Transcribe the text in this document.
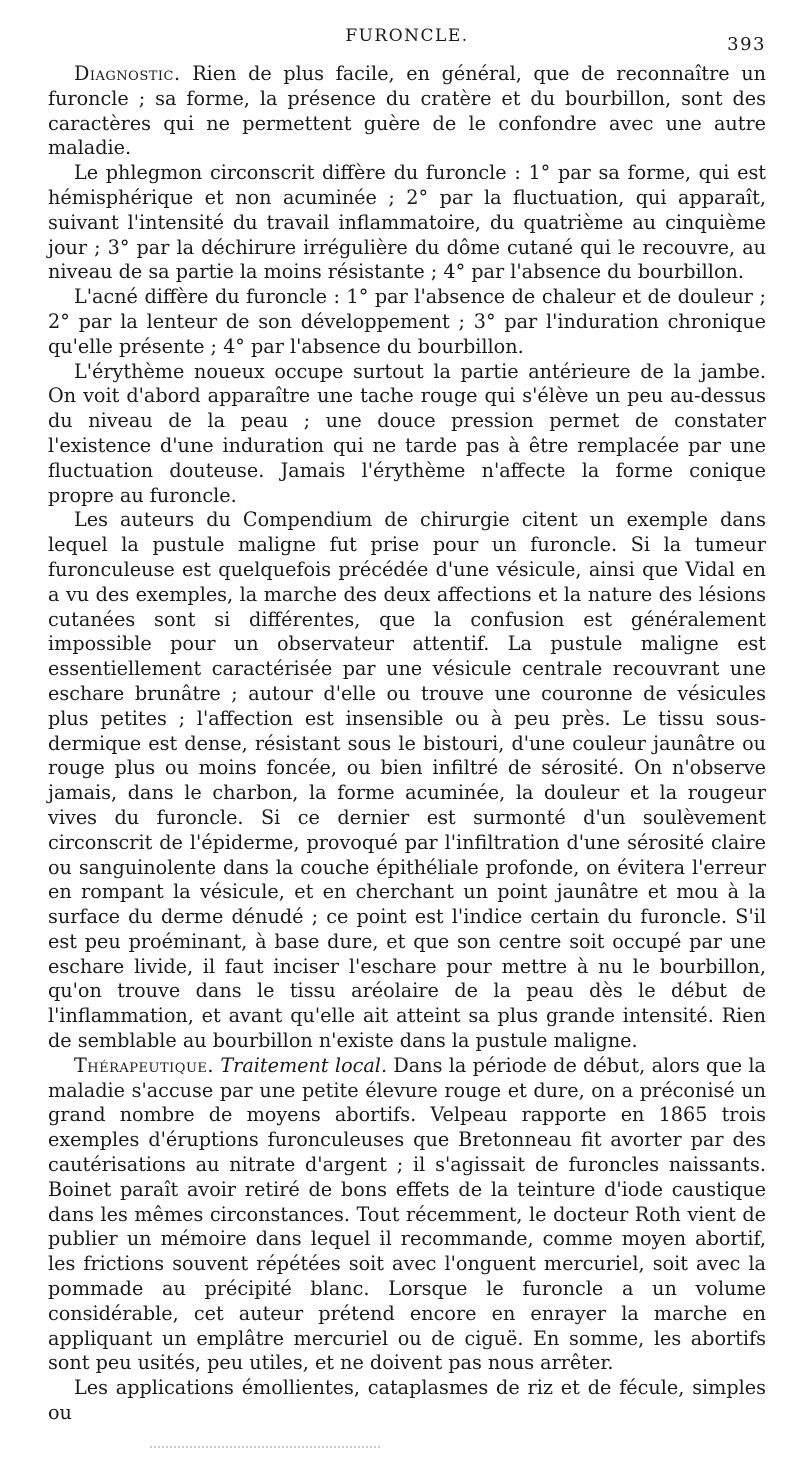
FURONCLE.	393

Diagnostic. Rien de plus facile, en général, que de reconnaître un furoncle ; sa forme, la présence du cratère et du bourbillon, sont des caractères qui ne permettent guère de le confondre avec une autre maladie.

Le phlegmon circonscrit diffère du furoncle : 1° par sa forme, qui est hémisphérique et non acuminée ; 2° par la fluctuation, qui apparaît, suivant l'intensité du travail inflammatoire, du quatrième au cinquième jour ; 3° par la déchirure irrégulière du dôme cutané qui le recouvre, au niveau de sa partie la moins résistante ; 4° par l'absence du bourbillon.

L'acné diffère du furoncle : 1° par l'absence de chaleur et de douleur ; 2° par la lenteur de son développement ; 3° par l'induration chronique qu'elle présente ; 4° par l'absence du bourbillon.

L'érythème noueux occupe surtout la partie antérieure de la jambe. On voit d'abord apparaître une tache rouge qui s'élève un peu au-dessus du niveau de la peau ; une douce pression permet de constater l'existence d'une induration qui ne tarde pas à être remplacée par une fluctuation douteuse. Jamais l'érythème n'affecte la forme conique propre au furoncle.

Les auteurs du Compendium de chirurgie citent un exemple dans lequel la pustule maligne fut prise pour un furoncle. Si la tumeur furonculeuse est quelquefois précédée d'une vésicule, ainsi que Vidal en a vu des exemples, la marche des deux affections et la nature des lésions cutanées sont si différentes, que la confusion est généralement impossible pour un observateur attentif. La pustule maligne est essentiellement caractérisée par une vésicule centrale recouvrant une eschare brunâtre ; autour d'elle ou trouve une couronne de vésicules plus petites ; l'affection est insensible ou à peu près. Le tissu sous-dermique est dense, résistant sous le bistouri, d'une couleur jaunâtre ou rouge plus ou moins foncée, ou bien infiltré de sérosité. On n'observe jamais, dans le charbon, la forme acuminée, la douleur et la rougeur vives du furoncle. Si ce dernier est surmonté d'un soulèvement circonscrit de l'épiderme, provoqué par l'infiltration d'une sérosité claire ou sanguinolente dans la couche épithéliale profonde, on évitera l'erreur en rompant la vésicule, et en cherchant un point jaunâtre et mou à la surface du derme dénudé ; ce point est l'indice certain du furoncle. S'il est peu proéminant, à base dure, et que son centre soit occupé par une eschare livide, il faut inciser l'eschare pour mettre à nu le bourbillon, qu'on trouve dans le tissu aréolaire de la peau dès le début de l'inflammation, et avant qu'elle ait atteint sa plus grande intensité. Rien de semblable au bourbillon n'existe dans la pustule maligne.

Thérapeutique. Traitement local. Dans la période de début, alors que la maladie s'accuse par une petite élevure rouge et dure, on a préconisé un grand nombre de moyens abortifs. Velpeau rapporte en 1865 trois exemples d'éruptions furonculeuses que Bretonneau fit avorter par des cautérisations au nitrate d'argent ; il s'agissait de furoncles naissants. Boinet paraît avoir retiré de bons effets de la teinture d'iode caustique dans les mêmes circonstances. Tout récemment, le docteur Roth vient de publier un mémoire dans lequel il recommande, comme moyen abortif, les frictions souvent répétées soit avec l'onguent mercuriel, soit avec la pommade au précipité blanc. Lorsque le furoncle a un volume considérable, cet auteur prétend encore en enrayer la marche en appliquant un emplâtre mercuriel ou de ciguë. En somme, les abortifs sont peu usités, peu utiles, et ne doivent pas nous arrêter.

Les applications émollientes, cataplasmes de riz et de fécule, simples ou
